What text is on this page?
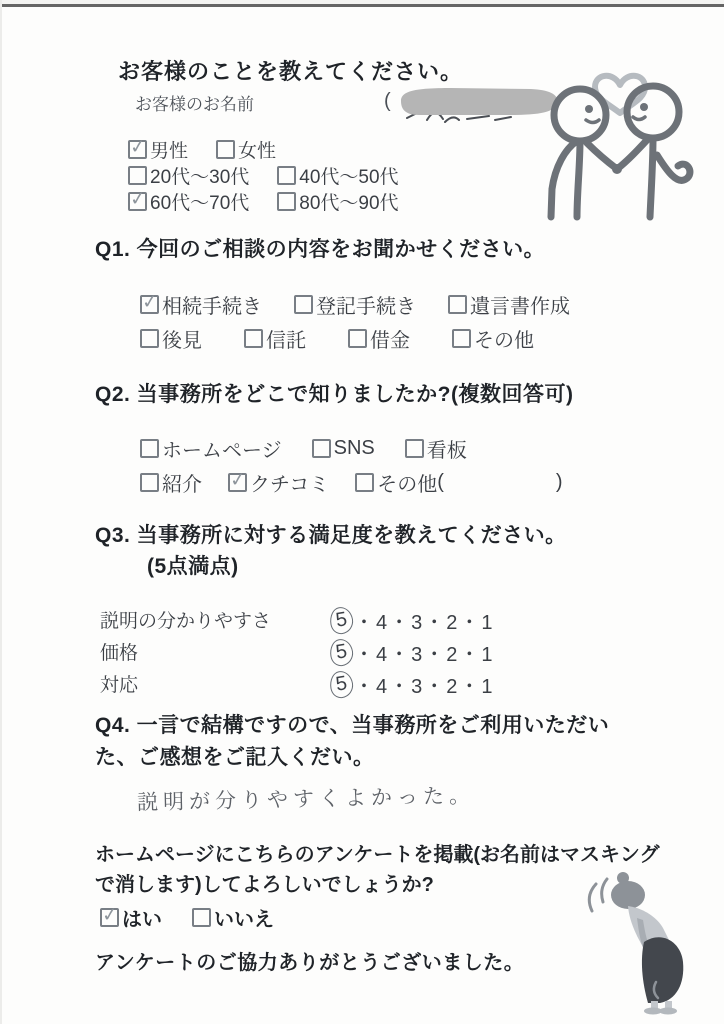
お客様のことを教えてください。
お客様のお名前	(
✓
男性	女性
20代〜30代	40代〜50代
✓
60代〜70代	80代〜90代
Q1. 今回のご相談の内容をお聞かせください。
✓
相続手続き	登記手続き	遺言書作成
後見	信託	借金	その他
Q2. 当事務所をどこで知りましたか?(複数回答可)
ホームページ	SNS	看板
紹介 ✓ クチコミ その他 (	)
Q3. 当事務所に対する満足度を教えてください。
(5点満点)
説明の分かりやすさ	5 ・4・3・2・1
価格	5 ・4・3・2・1
対応	5 ・4・3・2・1
Q4. 一言で結構ですので、当事務所をご利用いただいた、ご感想をご記入くだい。

説明が分りやすくよかった。

ホームページにこちらのアンケートを掲載(お名前はマスキングで消します)してよろしいでしょうか?

✓
はい	いいえ

アンケートのご協力ありがとうございました。
